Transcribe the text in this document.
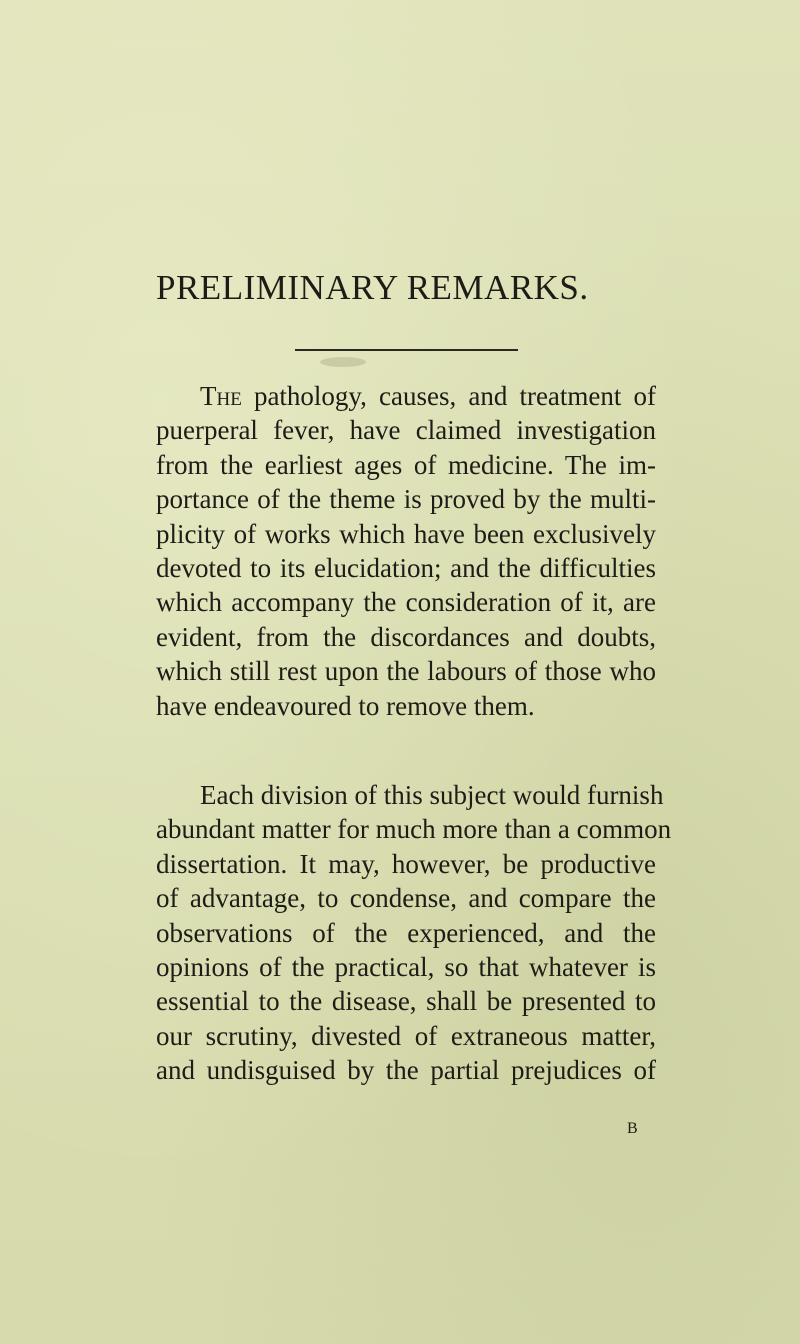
PRELIMINARY REMARKS.
The pathology, causes, and treatment of
puerperal fever, have claimed investigation
from the earliest ages of medicine. The im-
portance of the theme is proved by the multi-
plicity of works which have been exclusively
devoted to its elucidation; and the difficulties
which accompany the consideration of it, are
evident, from the discordances and doubts,
which still rest upon the labours of those who
have endeavoured to remove them.
Each division of this subject would furnish
abundant matter for much more than a common
dissertation. It may, however, be productive
of advantage, to condense, and compare the
observations of the experienced, and the
opinions of the practical, so that whatever is
essential to the disease, shall be presented to
our scrutiny, divested of extraneous matter,
and undisguised by the partial prejudices of

B
